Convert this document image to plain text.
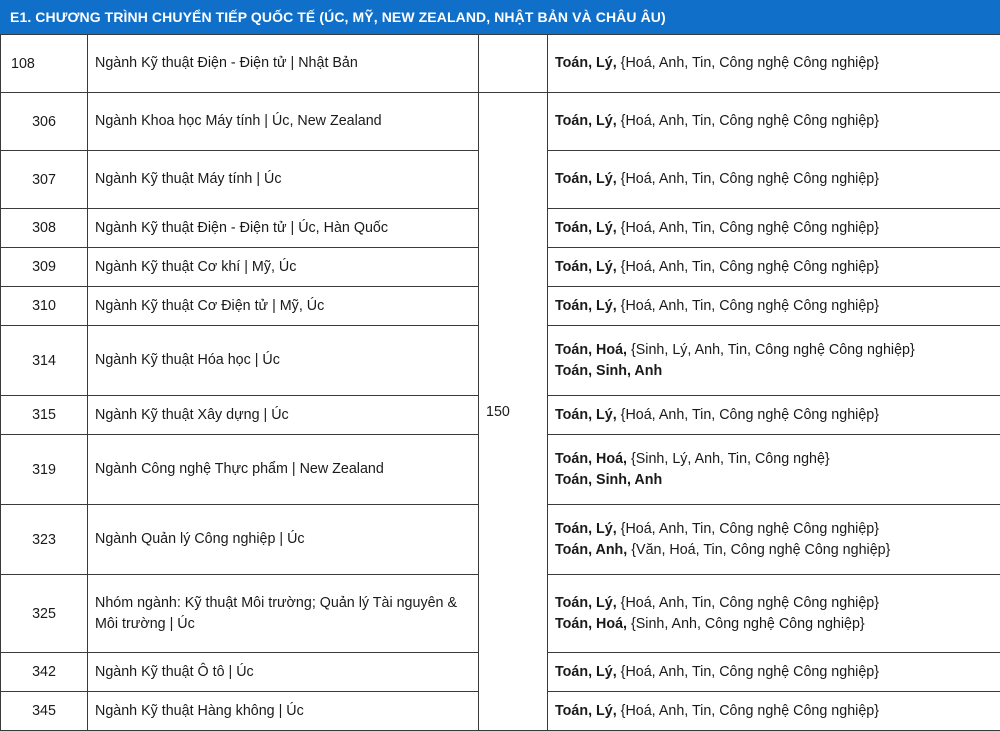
E1. CHƯƠNG TRÌNH CHUYỂN TIẾP QUỐC TẾ (ÚC, MỸ, NEW ZEALAND, NHẬT BẢN VÀ CHÂU ÂU)
108	Ngành Kỹ thuật Điện - Điện tử | Nhật Bản		Toán, Lý, {Hoá, Anh, Tin, Công nghệ Công nghiệp}

306	Ngành Khoa học Máy tính | Úc, New Zealand	150	Toán, Lý, {Hoá, Anh, Tin, Công nghệ Công nghiệp}

307	Ngành Kỹ thuật Máy tính | Úc		Toán, Lý, {Hoá, Anh, Tin, Công nghệ Công nghiệp}

308	Ngành Kỹ thuật Điện - Điện tử | Úc, Hàn Quốc		Toán, Lý, {Hoá, Anh, Tin, Công nghệ Công nghiệp}

309	Ngành Kỹ thuật Cơ khí | Mỹ, Úc		Toán, Lý, {Hoá, Anh, Tin, Công nghệ Công nghiệp}

310	Ngành Kỹ thuật Cơ Điện tử | Mỹ, Úc		Toán, Lý, {Hoá, Anh, Tin, Công nghệ Công nghiệp}

314	Ngành Kỹ thuật Hóa học | Úc		Toán, Hoá, {Sinh, Lý, Anh, Tin, Công nghệ Công nghiệp}
Toán, Sinh, Anh

315	Ngành Kỹ thuật Xây dựng | Úc		Toán, Lý, {Hoá, Anh, Tin, Công nghệ Công nghiệp}

319	Ngành Công nghệ Thực phẩm | New Zealand		Toán, Hoá, {Sinh, Lý, Anh, Tin, Công nghệ}
Toán, Sinh, Anh

323	Ngành Quản lý Công nghiệp | Úc		Toán, Lý, {Hoá, Anh, Tin, Công nghệ Công nghiệp}
Toán, Anh, {Văn, Hoá, Tin, Công nghệ Công nghiệp}

325	Nhóm ngành: Kỹ thuật Môi trường; Quản lý Tài nguyên & Môi trường | Úc		Toán, Lý, {Hoá, Anh, Tin, Công nghệ Công nghiệp}
Toán, Hoá, {Sinh, Anh, Công nghệ Công nghiệp}

342	Ngành Kỹ thuật Ô tô | Úc		Toán, Lý, {Hoá, Anh, Tin, Công nghệ Công nghiệp}

345	Ngành Kỹ thuật Hàng không | Úc		Toán, Lý, {Hoá, Anh, Tin, Công nghệ Công nghiệp}
